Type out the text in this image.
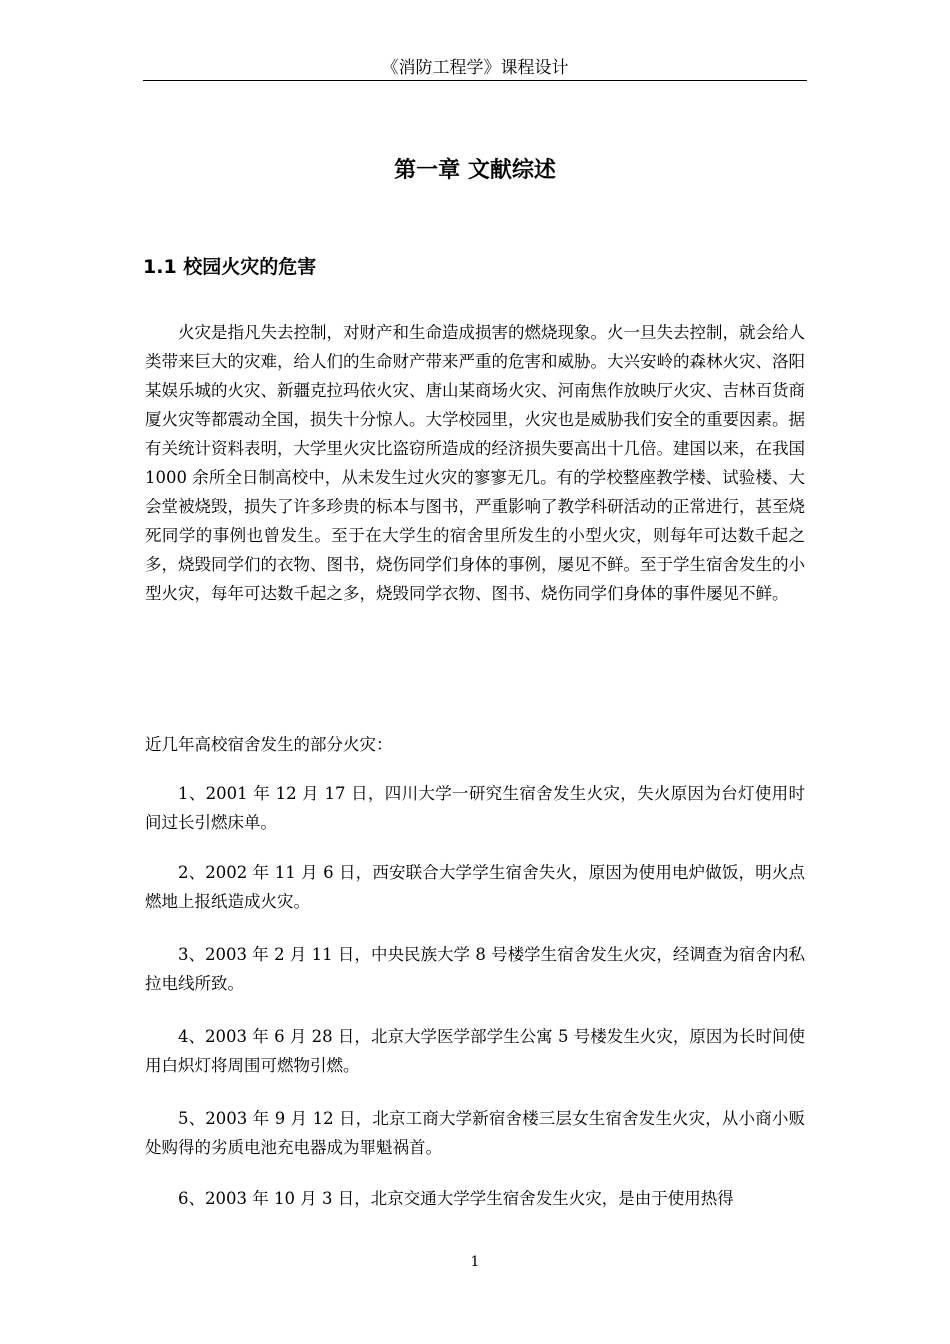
《消防工程学》课程设计
第一章 文献综述
1.1 校园火灾的危害

火灾是指凡失去控制，对财产和生命造成损害的燃烧现象。火一旦失去控制，就会给人类带来巨大的灾难，给人们的生命财产带来严重的危害和威胁。大兴安岭的森林火灾、洛阳某娱乐城的火灾、新疆克拉玛依火灾、唐山某商场火灾、河南焦作放映厅火灾、吉林百货商厦火灾等都震动全国，损失十分惊人。大学校园里，火灾也是威胁我们安全的重要因素。据有关统计资料表明，大学里火灾比盗窃所造成的经济损失要高出十几倍。建国以来，在我国 1000 余所全日制高校中，从未发生过火灾的寥寥无几。有的学校整座教学楼、试验楼、大会堂被烧毁，损失了许多珍贵的标本与图书，严重影响了教学科研活动的正常进行，甚至烧死同学的事例也曾发生。至于在大学生的宿舍里所发生的小型火灾，则每年可达数千起之多，烧毁同学们的衣物、图书，烧伤同学们身体的事例，屡见不鲜。至于学生宿舍发生的小型火灾，每年可达数千起之多，烧毁同学衣物、图书、烧伤同学们身体的事件屡见不鲜。

近几年高校宿舍发生的部分火灾：

1、2001 年 12 月 17 日，四川大学一研究生宿舍发生火灾，失火原因为台灯使用时间过长引燃床单。

2、2002 年 11 月 6 日，西安联合大学学生宿舍失火，原因为使用电炉做饭，明火点燃地上报纸造成火灾。

3、2003 年 2 月 11 日，中央民族大学 8 号楼学生宿舍发生火灾，经调查为宿舍内私拉电线所致。

4、2003 年 6 月 28 日，北京大学医学部学生公寓 5 号楼发生火灾，原因为长时间使用白炽灯将周围可燃物引燃。

5、2003 年 9 月 12 日，北京工商大学新宿舍楼三层女生宿舍发生火灾，从小商小贩处购得的劣质电池充电器成为罪魁祸首。

6、2003 年 10 月 3 日，北京交通大学学生宿舍发生火灾，是由于使用热得

1
